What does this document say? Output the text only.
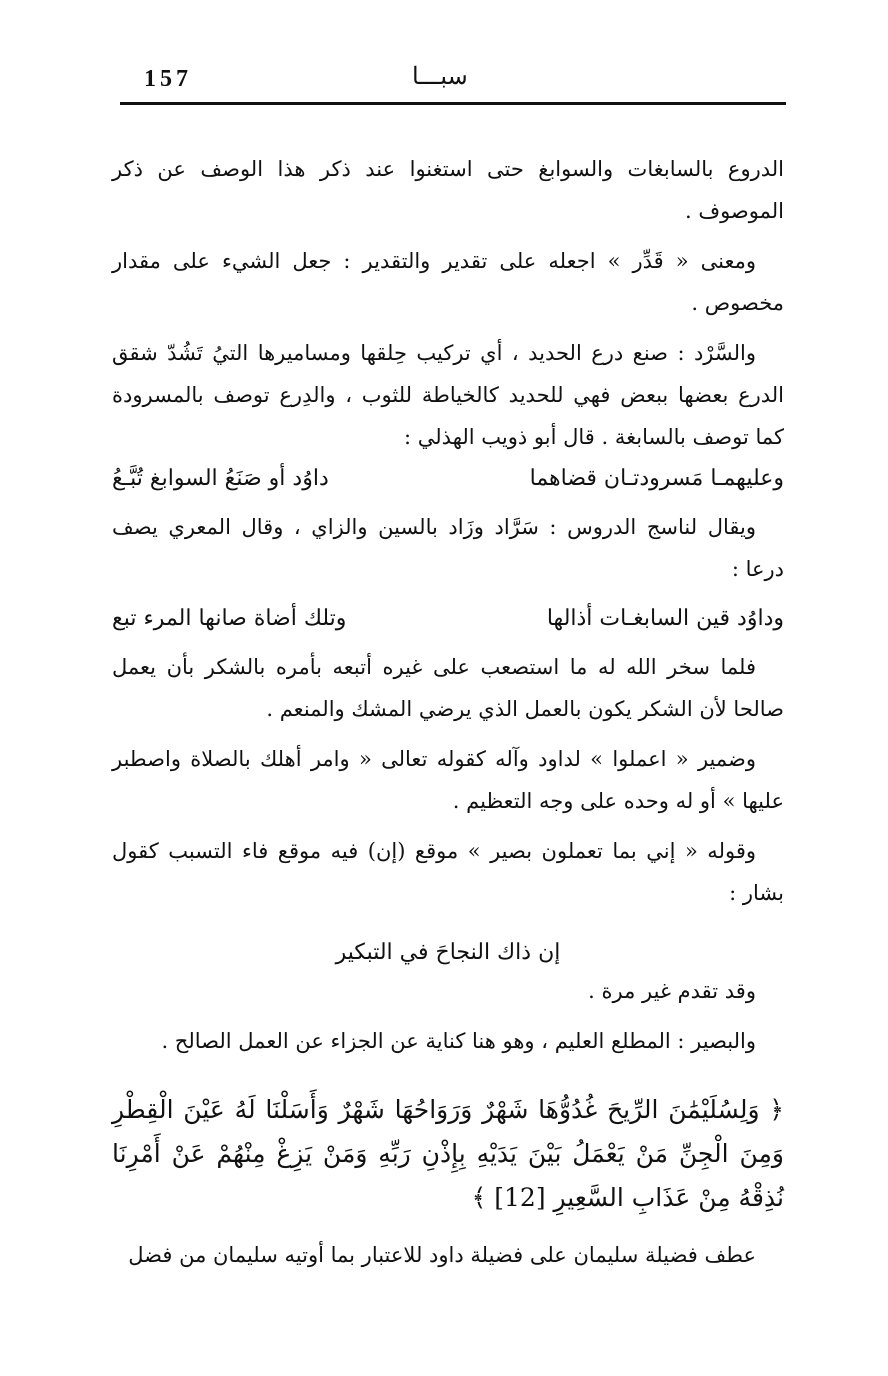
157	سبـــا

الدروع بالسابغات والسوابغ حتى استغنوا عند ذكر هذا الوصف عن ذكر الموصوف .

ومعنى « قَدِّر » اجعله على تقدير والتقدير : جعل الشيء على مقدار مخصوص .

والسَّرْد : صنع درع الحديد ، أي تركيب حِلقها ومساميرها التيُ تَشُدّ شقق الدرع بعضها ببعض فهي للحديد كالخياطة للثوب ، والدِرع توصف بالمسرودة كما توصف بالسابغة . قال أبو ذويب الهذلي :

وعليهمـا مَسرودتـان قضاهما
داوُد أو صَنَعُ السوابغ تُبَّـعُ

ويقال لناسج الدروس : سَرَّاد وزَاد بالسين والزاي ، وقال المعري يصف درعا :

وداوُد قين السابغـات أذالها
وتلك أضاة صانها المرء تبع

فلما سخر الله له ما استصعب على غيره أتبعه بأمره بالشكر بأن يعمل صالحا لأن الشكر يكون بالعمل الذي يرضي المشك والمنعم .

وضمير « اعملوا » لداود وآله كقوله تعالى « وامر أهلك بالصلاة واصطبر عليها » أو له وحده على وجه التعظيم .

وقوله « إني بما تعملون بصير » موقع (إن) فيه موقع فاء التسبب كقول بشار :

إن ذاك النجاحَ في التبكير

وقد تقدم غير مرة .

والبصير : المطلع العليم ، وهو هنا كناية عن الجزاء عن العمل الصالح .

﴿ وَلِسُلَيْمَٰنَ الرِّيحَ غُدُوُّهَا شَهْرٌ وَرَوَاحُهَا شَهْرٌ وَأَسَلْنَا لَهُ عَيْنَ الْقِطْرِ وَمِنَ الْجِنِّ مَنْ يَعْمَلُ بَيْنَ يَدَيْهِ بِإِذْنِ رَبِّهِ وَمَنْ يَزِغْ مِنْهُمْ عَنْ أَمْرِنَا نُذِقْهُ مِنْ عَذَابِ السَّعِيرِ [12] ﴾

عطف فضيلة سليمان على فضيلة داود للاعتبار بما أوتيه سليمان من فضل
